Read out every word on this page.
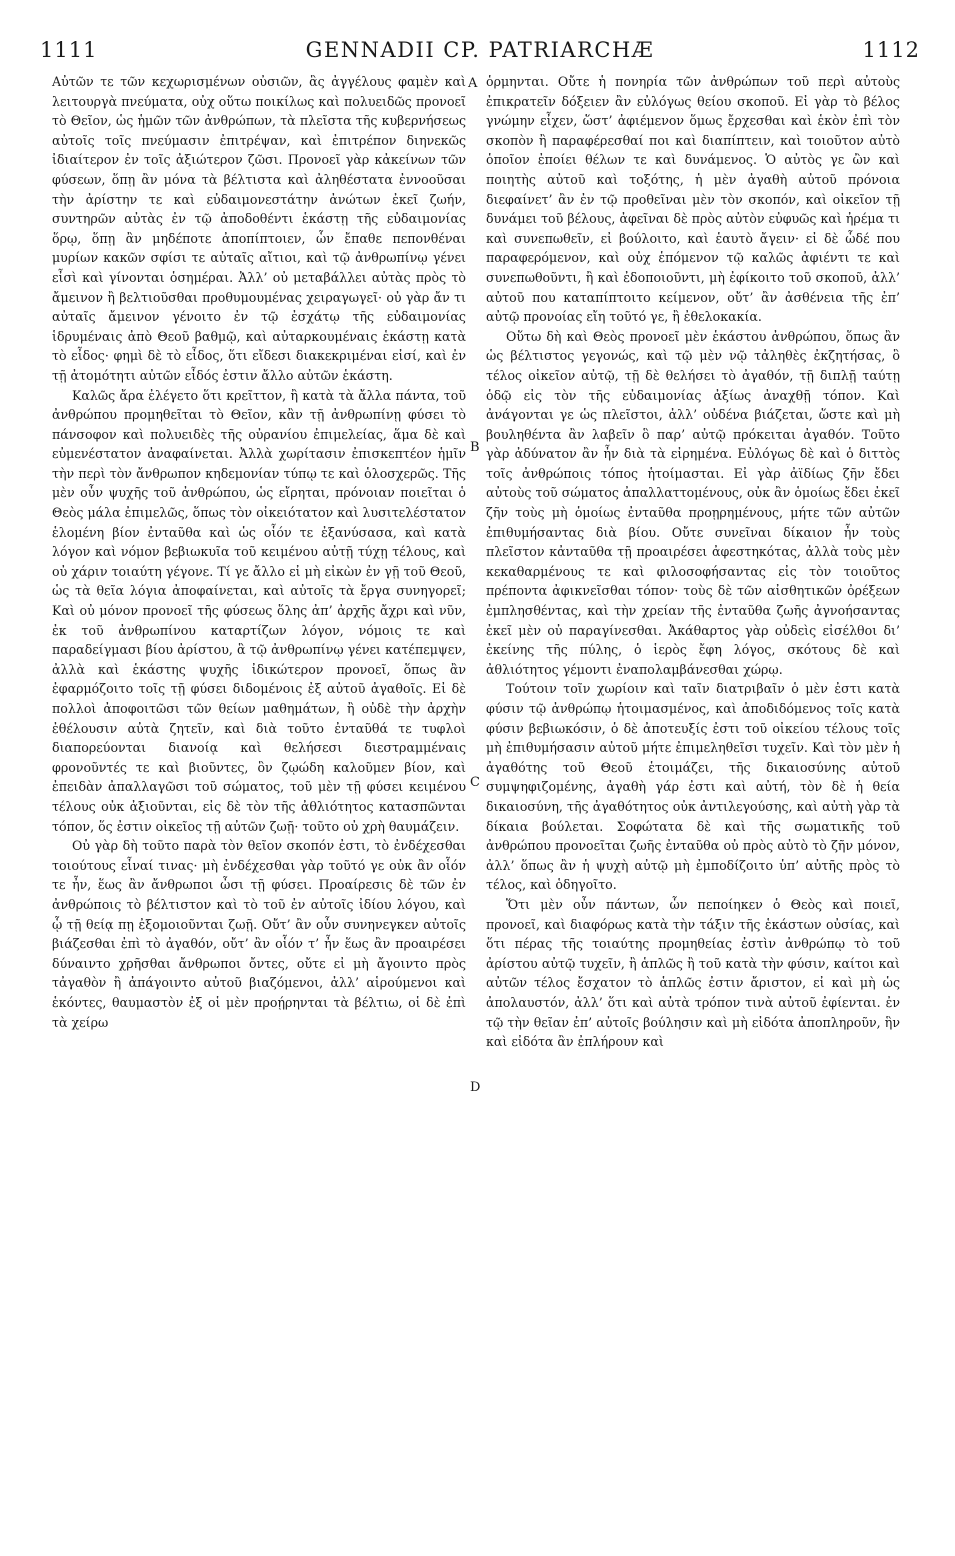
1111	GENNADII CP. PATRIARCHÆ	1112

Αὐτῶν τε τῶν κεχωρισμένων οὐσιῶν, ἃς ἀγγέλους φαμὲν καὶ λειτουργὰ πνεύματα, οὐχ οὕτω ποικίλως καὶ πολυειδῶς προνοεῖ τὸ Θεῖον, ὡς ἡμῶν τῶν ἀνθρώπων, τὰ πλεῖστα τῆς κυβερνήσεως αὐτοῖς τοῖς πνεύμασιν ἐπιτρέψαν, καὶ ἐπιτρέπον διηνεκῶς ἰδιαίτερον ἐν τοῖς ἀξιώτερον ζῶσι. Προνοεῖ γὰρ κἀκείνων τῶν φύσεων, ὅπῃ ἂν μόνα τὰ βέλτιστα καὶ ἀληθέστατα ἐννοοῦσαι τὴν ἀρίστην τε καὶ εὐδαιμονεστάτην ἀνώτων ἐκεῖ ζωήν, συντηρῶν αὐτὰς ἐν τῷ ἀποδοθέντι ἑκάστῃ τῆς εὐδαιμονίας ὅρῳ, ὅπῃ ἂν μηδέποτε ἀποπίπτοιεν, ὧν ἔπαθε πεπονθέναι μυρίων κακῶν σφίσι τε αὐταῖς αἴτιοι, καὶ τῷ ἀνθρωπίνῳ γένει εἶσὶ καὶ γίνονται ὁσημέραι. Ἀλλ’ οὐ μεταβάλλει αὐτὰς πρὸς τὸ ἄμεινον ἢ βελτιοῦσθαι προθυμουμένας χειραγωγεῖ· οὐ γὰρ ἄν τι αὐταῖς ἄμεινον γένοιτο ἐν τῷ ἐσχάτῳ τῆς εὐδαιμονίας ἱδρυμέναις ἀπὸ Θεοῦ βαθμῷ, καὶ αὐταρκουμέναις ἑκάστῃ κατὰ τὸ εἶδος· φημὶ δὲ τὸ εἶδος, ὅτι εἴδεσι διακεκριμέναι εἰσί, καὶ ἐν τῇ ἀτομότητι αὐτῶν εἶδός ἐστιν ἄλλο αὐτῶν ἑκάστη.

Καλῶς ἄρα ἐλέγετο ὅτι κρεῖττον, ἢ κατὰ τὰ ἄλλα πάντα, τοῦ ἀνθρώπου προμηθεῖται τὸ Θεῖον, κἂν τῇ ἀνθρωπίνῃ φύσει τὸ πάνσοφον καὶ πολυειδὲς τῆς οὐρανίου ἐπιμελείας, ἅμα δὲ καὶ εὐμενέστατον ἀναφαίνεται. Ἀλλὰ χωρίτασιν ἐπισκεπτέον ἡμῖν τὴν περὶ τὸν ἄνθρωπον κηδεμονίαν τύπῳ τε καὶ ὁλοσχερῶς. Τῆς μὲν οὖν ψυχῆς τοῦ ἀνθρώπου, ὡς εἴρηται, πρόνοιαν ποιεῖται ὁ Θεὸς μάλα ἐπιμελῶς, ὅπως τὸν οἰκειότατον καὶ λυσιτελέστατον ἑλομένη βίον ἐνταῦθα καὶ ὡς οἷόν τε ἐξανύσασα, καὶ κατὰ λόγον καὶ νόμον βεβιωκυῖα τοῦ κειμένου αὐτῇ τύχῃ τέλους, καὶ οὐ χάριν τοιαύτη γέγονε. Τί γε ἄλλο εἰ μὴ εἰκὼν ἐν γῇ τοῦ Θεοῦ, ὡς τὰ θεῖα λόγια ἀποφαίνεται, καὶ αὐτοῖς τὰ ἔργα συνηγορεῖ; Καὶ οὐ μόνον προνοεῖ τῆς φύσεως ὅλης ἀπ’ ἀρχῆς ἄχρι καὶ νῦν, ἐκ τοῦ ἀνθρωπίνου καταρτίζων λόγον, νόμοις τε καὶ παραδείγμασι βίου ἀρίστου, ἃ τῷ ἀνθρωπίνῳ γένει κατέπεμψεν, ἀλλὰ καὶ ἑκάστης ψυχῆς ἰδικώτερον προνοεῖ, ὅπως ἂν ἐφαρμόζοιτο τοῖς τῇ φύσει διδομένοις ἐξ αὐτοῦ ἀγαθοῖς. Εἰ δὲ πολλοὶ ἀποφοιτῶσι τῶν θείων μαθημάτων, ἢ οὐδὲ τὴν ἀρχὴν ἐθέλουσιν αὐτὰ ζητεῖν, καὶ διὰ τοῦτο ἐνταῦθά τε τυφλοὶ διαπορεύονται διανοίᾳ καὶ θελήσεσι διεστραμμέναις φρονοῦντές τε καὶ βιοῦντες, ὃν ζῳώδη καλοῦμεν βίον, καὶ ἐπειδὰν ἀπαλλαγῶσι τοῦ σώματος, τοῦ μὲν τῇ φύσει κειμένου τέλους οὐκ ἀξιοῦνται, εἰς δὲ τὸν τῆς ἀθλιότητος κατασπῶνται τόπον, ὅς ἐστιν οἰκεῖος τῇ αὐτῶν ζωῇ· τοῦτο οὐ χρὴ θαυμάζειν.

Οὐ γὰρ δὴ τοῦτο παρὰ τὸν θεῖον σκοπόν ἐστι, τὸ ἐνδέχεσθαι τοιούτους εἶναί τινας· μὴ ἐνδέχεσθαι γὰρ τοῦτό γε οὐκ ἂν οἷόν τε ἦν, ἕως ἂν ἄνθρωποι ὦσι τῇ φύσει. Προαίρεσις δὲ τῶν ἐν ἀνθρώποις τὸ βέλτιστον καὶ τὸ τοῦ ἐν αὐτοῖς ἰδίου λόγου, καὶ ᾧ τῇ θείᾳ πῃ ἐξομοιοῦνται ζωῇ. Οὔτ’ ἂν οὖν συνηνεγκεν αὐτοῖς βιάζεσθαι ἐπὶ τὸ ἀγαθόν, οὔτ’ ἂν οἷόν τ’ ἦν ἕως ἂν προαιρέσει δύναιντο χρῆσθαι ἄνθρωποι ὄντες, οὔτε εἰ μὴ ἄγοιντο πρὸς τἀγαθὸν ἢ ἀπάγοιντο αὐτοῦ βιαζόμενοι, ἀλλ’ αἱρούμενοι καὶ ἑκόντες, θαυμαστὸν ἐξ οἱ μὲν προῄρηνται τὰ βέλτιω, οἱ δὲ ἐπὶ τὰ χείρω

A
B
C
D

ὁρμηνται. Οὔτε ἡ πονηρία τῶν ἀνθρώπων τοῦ περὶ αὐτοὺς ἐπικρατεῖν δόξειεν ἂν εὐλόγως θείου σκοποῦ. Εἰ γὰρ τὸ βέλος γνώμην εἶχεν, ὥστ’ ἀφιέμενον ὅμως ἔρχεσθαι καὶ ἑκὸν ἐπὶ τὸν σκοπὸν ἢ παραφέρεσθαί ποι καὶ διαπίπτειν, καὶ τοιοῦτον αὐτὸ ὁποῖον ἐποίει θέλων τε καὶ δυνάμενος. Ὁ αὐτὸς γε ὢν καὶ ποιητὴς αὐτοῦ καὶ τοξότης, ἡ μὲν ἀγαθὴ αὐτοῦ πρόνοια διεφαίνετ’ ἂν ἐν τῷ προθεῖναι μὲν τὸν σκοπόν, καὶ οἰκεῖον τῇ δυνάμει τοῦ βέλους, ἀφεῖναι δὲ πρὸς αὐτὸν εὐφυῶς καὶ ἠρέμα τι καὶ συνεπωθεῖν, εἰ βούλοιτο, καὶ ἑαυτὸ ἄγειν· εἰ δὲ ὧδέ που παραφερόμενον, καὶ οὐχ ἑπόμενον τῷ καλῶς ἀφιέντι τε καὶ συνεπωθοῦντι, ἢ καὶ ἐδοποιοῦντι, μὴ ἐφίκοιτο τοῦ σκοποῦ, ἀλλ’ αὐτοῦ που καταπίπτοιτο κείμενον, οὔτ’ ἂν ἀσθένεια τῆς ἐπ’ αὐτῷ προνοίας εἴη τοῦτό γε, ἢ ἐθελοκακία.

Οὕτω δὴ καὶ Θεὸς προνοεῖ μὲν ἑκάστου ἀνθρώπου, ὅπως ἂν ὡς βέλτιστος γεγονώς, καὶ τῷ μὲν νῷ τἀληθὲς ἐκζητήσας, ὃ τέλος οἰκεῖον αὐτῷ, τῇ δὲ θελήσει τὸ ἀγαθόν, τῇ διπλῇ ταύτῃ ὁδῷ εἰς τὸν τῆς εὐδαιμονίας ἀξίως ἀναχθῇ τόπον. Καὶ ἀνάγονται γε ὡς πλεῖστοι, ἀλλ’ οὐδένα βιάζεται, ὥστε καὶ μὴ βουληθέντα ἂν λαβεῖν ὃ παρ’ αὐτῷ πρόκειται ἀγαθόν. Τοῦτο γὰρ ἀδύνατον ἂν ἦν διὰ τὰ εἰρημένα. Εὐλόγως δὲ καὶ ὁ διττὸς τοῖς ἀνθρώποις τόπος ἡτοίμασται. Εἰ γὰρ ἀϊδίως ζῆν ἔδει αὐτοὺς τοῦ σώματος ἀπαλλαττομένους, οὐκ ἂν ὁμοίως ἔδει ἐκεῖ ζῆν τοὺς μὴ ὁμοίως ἐνταῦθα προῃρημένους, μήτε τῶν αὐτῶν ἐπιθυμήσαντας διὰ βίου. Οὔτε συνεῖναι δίκαιον ἦν τοὺς πλεῖστον κἀνταῦθα τῇ προαιρέσει ἀφεστηκότας, ἀλλὰ τοὺς μὲν κεκαθαρμένους τε καὶ φιλοσοφήσαντας εἰς τὸν τοιοῦτος πρέποντα ἀφικνεῖσθαι τόπον· τοὺς δὲ τῶν αἰσθητικῶν ὀρέξεων ἐμπλησθέντας, καὶ τὴν χρείαν τῆς ἐνταῦθα ζωῆς ἀγνοήσαντας ἐκεῖ μὲν οὐ παραγίνεσθαι. Ἀκάθαρτος γὰρ οὐδεὶς εἰσέλθοι δι’ ἐκείνης τῆς πύλης, ὁ ἱερὸς ἔφη λόγος, σκότους δὲ καὶ ἀθλιότητος γέμοντι ἐναπολαμβάνεσθαι χώρῳ.

Τούτοιν τοῖν χωρίοιν καὶ ταῖν διατριβαῖν ὁ μὲν ἐστι κατὰ φύσιν τῷ ἀνθρώπῳ ἡτοιμασμένος, καὶ ἀποδιδόμενος τοῖς κατὰ φύσιν βεβιωκόσιν, ὁ δὲ ἀποτευξίς ἐστι τοῦ οἰκείου τέλους τοῖς μὴ ἐπιθυμήσασιν αὐτοῦ μήτε ἐπιμεληθεῖσι τυχεῖν. Καὶ τὸν μὲν ἡ ἀγαθότης τοῦ Θεοῦ ἑτοιμάζει, τῆς δικαιοσύνης αὐτοῦ συμψηφιζομένης, ἀγαθὴ γάρ ἐστι καὶ αὐτή, τὸν δὲ ἡ θεία δικαιοσύνη, τῆς ἀγαθότητος οὐκ ἀντιλεγούσης, καὶ αὐτὴ γὰρ τὰ δίκαια βούλεται. Σοφώτατα δὲ καὶ τῆς σωματικῆς τοῦ ἀνθρώπου προνοεῖται ζωῆς ἐνταῦθα οὐ πρὸς αὐτὸ τὸ ζῆν μόνον, ἀλλ’ ὅπως ἂν ἡ ψυχὴ αὐτῷ μὴ ἐμποδίζοιτο ὑπ’ αὐτῆς πρὸς τὸ τέλος, καὶ ὁδηγοῖτο.

Ὅτι μὲν οὖν πάντων, ὧν πεποίηκεν ὁ Θεὸς καὶ ποιεῖ, προνοεῖ, καὶ διαφόρως κατὰ τὴν τάξιν τῆς ἑκάστων οὐσίας, καὶ ὅτι πέρας τῆς τοιαύτης προμηθείας ἐστὶν ἀνθρώπῳ τὸ τοῦ ἀρίστου αὐτῷ τυχεῖν, ἢ ἁπλῶς ἢ τοῦ κατὰ τὴν φύσιν, καίτοι καὶ αὐτῶν τέλος ἔσχατον τὸ ἁπλῶς ἐστιν ἄριστον, εἰ καὶ μὴ ὡς ἀπολαυστόν, ἀλλ’ ὅτι καὶ αὐτὰ τρόπον τινὰ αὐτοῦ ἐφίενται. ἐν τῷ τὴν θεῖαν ἐπ’ αὐτοῖς βούλησιν καὶ μὴ εἰδότα ἀποπληροῦν, ἣν καὶ εἰδότα ἂν ἐπλήρουν καὶ
